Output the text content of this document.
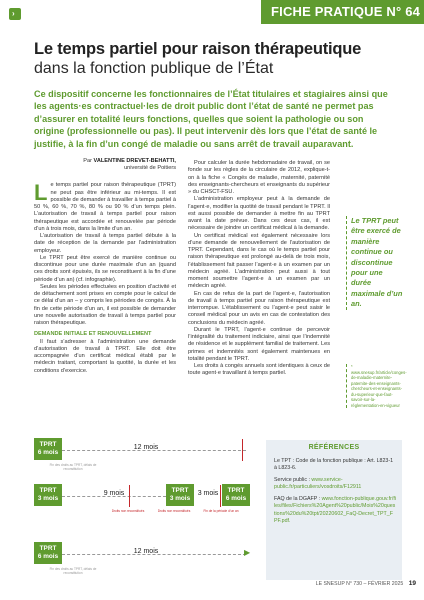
›	FICHE PRATIQUE N° 64
Le temps partiel pour raison thérapeutique
dans la fonction publique de l’État
Ce dispositif concerne les fonctionnaires de l’État titulaires et stagiaires ainsi que les agents·es contractuel·les de droit public dont l’état de santé ne permet pas d’assurer en totalité leurs fonctions, quelles que soient la pathologie ou son origine (professionnelle ou pas). Il peut intervenir dès lors que l’état de santé le justifie, à la fin d’un congé de maladie ou sans arrêt de travail auparavant.
Par VALENTINE DREVET-BEHATTI,
université de Poitiers

Le temps partiel pour raison thérapeutique (TPRT) ne peut pas être inférieur au mi-temps. Il est possible de demander à travailler à temps partiel à 50 %, 60 %, 70 %, 80 % ou 90 % d’un temps plein. L’autorisation de travail à temps partiel pour raison thérapeutique est accordée et renouvelée par période d’un à trois mois, dans la limite d’un an.

L’autorisation de travail à temps partiel débute à la date de réception de la demande par l’administration employeur.

Le TPRT peut être exercé de manière continue ou discontinue pour une durée maximale d’un an (quand ces droits sont épuisés, ils se reconstituent à la fin d’une période d’un an) (cf. infographie).

Seules les périodes effectuées en position d’activité et de détachement sont prises en compte pour le calcul de ce délai d’un an – y compris les périodes de congés. À la fin de cette période d’un an, il est possible de demander une nouvelle autorisation de travail à temps partiel pour raison thérapeutique.

DEMANDE INITIALE ET RENOUVELLEMENT

Il faut s’adresser à l’administration une demande d’autorisation de travail à TPRT. Elle doit être accompagnée d’un certificat médical établi par le médecin traitant, comportant la quotité, la durée et les conditions d’exercice.

Pour calculer la durée hebdomadaire de travail, on se fonde sur les règles de la circulaire de 2012, explique-t-on à la fiche « Congés de maladie, maternité, paternité des enseignants-chercheurs et enseignants du supérieur » du CHSCT-FSU.

L’administration employeur peut à la demande de l’agent·e, modifier la quotité de travail pendant le TPRT. Il est aussi possible de demander à mettre fin au TPRT avant la date prévue. Dans ces deux cas, il est nécessaire de joindre un certificat médical à la demande.

Un certificat médical est également nécessaire lors d’une demande de renouvellement de l’autorisation de TPRT. Cependant, dans le cas où le temps partiel pour raison thérapeutique est prolongé au-delà de trois mois, l’établissement fait passer l’agent·e à un examen par un médecin agréé. L’administration peut aussi à tout moment soumettre l’agent·e à un examen par un médecin agréé.

En cas de refus de la part de l’agent·e, l’autorisation de travail à temps partiel pour raison thérapeutique est interrompue. L’établissement ou l’agent·e peut saisir le conseil médical pour un avis en cas de contestation des conclusions du médecin agréé.

Durant le TPRT, l’agent·e continue de percevoir l’intégralité du traitement indiciaire, ainsi que l’indemnité de résidence et le supplément familial de traitement. Les primes et indemnités sont également maintenues en totalité pendant le TPRT.

Les droits à congés annuels sont identiques à ceux de toute agent·e travaillant à temps partiel.

Le TPRT peut être exercé de manière continue ou discontinue pour une durée maximale d’un an.
* www.snesup.fr/article/conges-de-maladie-maternite-paternite-des-enseignants-chercheurs-et-enseignants-du-superieur-que-faut-savoir-sur-la-réglementation-en-vigueur
TPRT
6 mois
12 mois
Fin des droits au TPRT, délais de reconstitution
TPRT
3 mois
9 mois	TPRT
3 mois
3 mois	TPRT
6 mois
Droits non reconstitués	Droits non reconstitués	Fin de la période d’un an
TPRT
6 mois
12 mois	▶
Fin des droits au TPRT, délais de reconstitution
RÉFÉRENCES

Le TPT : Code de la fonction publique : Art. L823-1 à L823-6.

Service public : www.service-public.fr/particuliers/vosdroits/F12911

FAQ de la DGAFP : www.fonction-publique.gouv.fr/files/files/Fichiers%20Agent%20public/Mois%20questions%20du%20tpt/20220602_FaQ-Decret_TPT_FPF.pdf.

LE SNESUP N° 730 – FÉVRIER 2025 19
